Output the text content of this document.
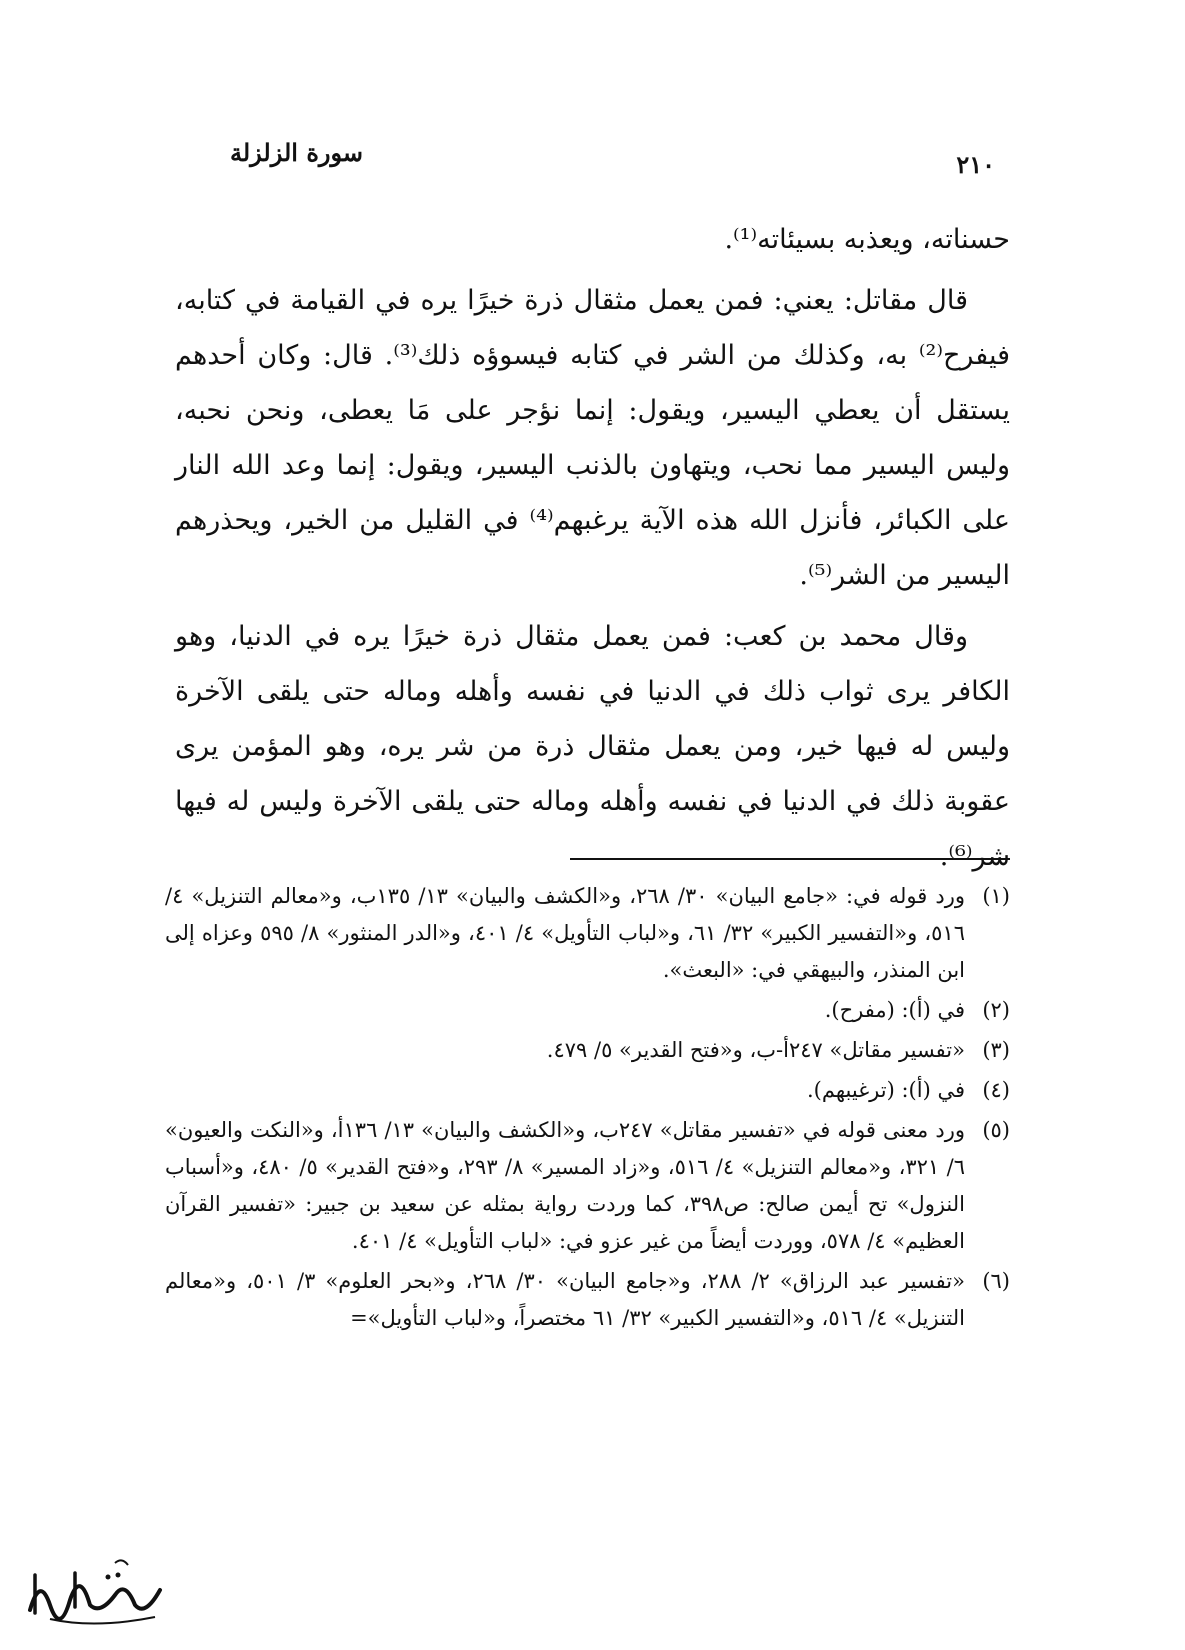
سورة الزلزلة	٢١٠

حسناته، ويعذبه بسيئاته⁽¹⁾.

قال مقاتل: يعني: فمن يعمل مثقال ذرة خيرًا يره في القيامة في كتابه، فيفرح⁽²⁾ به، وكذلك من الشر في كتابه فيسوؤه ذلك⁽³⁾. قال: وكان أحدهم يستقل أن يعطي اليسير، ويقول: إنما نؤجر على مَا يعطى، ونحن نحبه، وليس اليسير مما نحب، ويتهاون بالذنب اليسير، ويقول: إنما وعد الله النار على الكبائر، فأنزل الله هذه الآية يرغبهم⁽⁴⁾ في القليل من الخير، ويحذرهم اليسير من الشر⁽⁵⁾.

وقال محمد بن كعب: فمن يعمل مثقال ذرة خيرًا يره في الدنيا، وهو الكافر يرى ثواب ذلك في الدنيا في نفسه وأهله وماله حتى يلقى الآخرة وليس له فيها خير، ومن يعمل مثقال ذرة من شر يره، وهو المؤمن يرى عقوبة ذلك في الدنيا في نفسه وأهله وماله حتى يلقى الآخرة وليس له فيها شر⁽⁶⁾.

(١)
ورد قوله في: «جامع البيان» ٣٠/ ٢٦٨، و«الكشف والبيان» ١٣/ ١٣٥ب، و«معالم التنزيل» ٤/ ٥١٦، و«التفسير الكبير» ٣٢/ ٦١، و«لباب التأويل» ٤/ ٤٠١، و«الدر المنثور» ٨/ ٥٩٥ وعزاه إلى ابن المنذر، والبيهقي في: «البعث».
(٢)
في (أ): (مفرح).
(٣)
«تفسير مقاتل» ٢٤٧أ-ب، و«فتح القدير» ٥/ ٤٧٩.
(٤)
في (أ): (ترغيبهم).
(٥)
ورد معنى قوله في «تفسير مقاتل» ٢٤٧ب، و«الكشف والبيان» ١٣/ ١٣٦أ، و«النكت والعيون» ٦/ ٣٢١، و«معالم التنزيل» ٤/ ٥١٦، و«زاد المسير» ٨/ ٢٩٣، و«فتح القدير» ٥/ ٤٨٠، و«أسباب النزول» تح أيمن صالح: ص٣٩٨، كما وردت رواية بمثله عن سعيد بن جبير: «تفسير القرآن العظيم» ٤/ ٥٧٨، ووردت أيضاً من غير عزو في: «لباب التأويل» ٤/ ٤٠١.
(٦)
«تفسير عبد الرزاق» ٢/ ٢٨٨، و«جامع البيان» ٣٠/ ٢٦٨، و«بحر العلوم» ٣/ ٥٠١، و«معالم التنزيل» ٤/ ٥١٦، و«التفسير الكبير» ٣٢/ ٦١ مختصراً، و«لباب التأويل»=
